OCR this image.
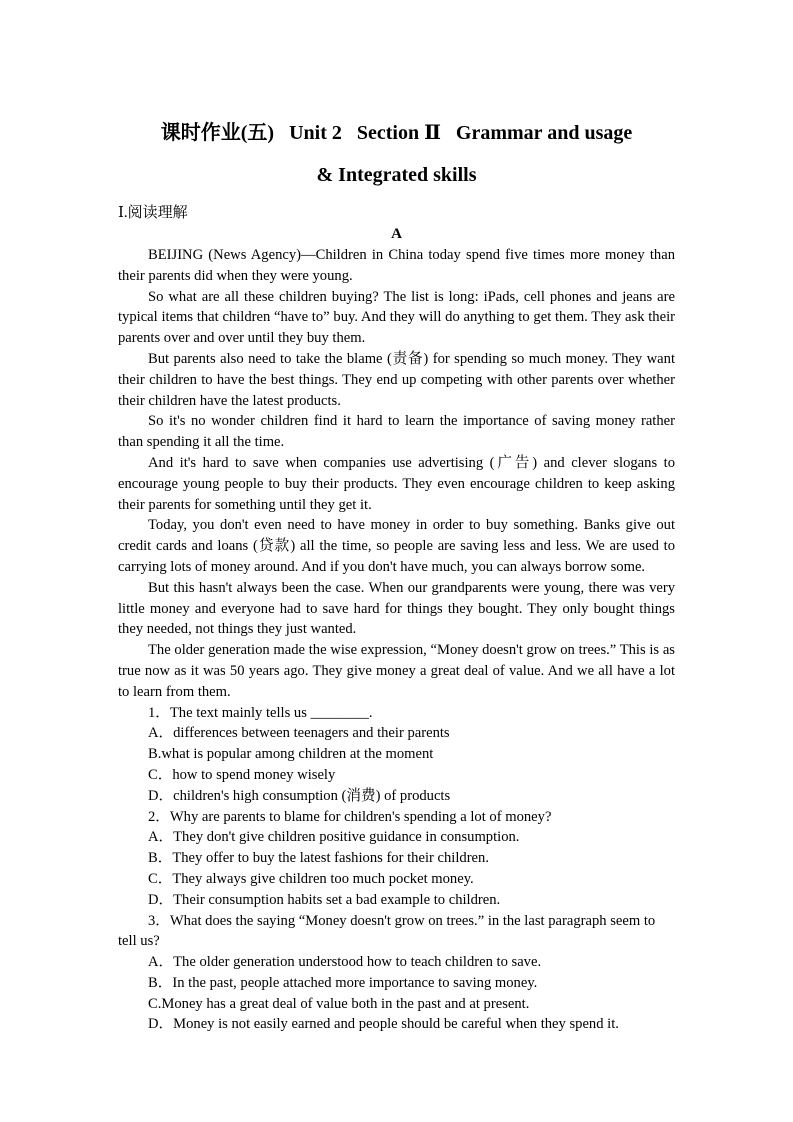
课时作业(五)   Unit 2   Section Ⅱ   Grammar and usage
& Integrated skills
Ⅰ.阅读理解
A

BEIJING (News Agency)—Children in China today spend five times more money than their parents did when they were young.

So what are all these children buying? The list is long: iPads, cell phones and jeans are typical items that children “have to” buy. And they will do anything to get them. They ask their parents over and over until they buy them.

But parents also need to take the blame (责备) for spending so much money. They want their children to have the best things. They end up competing with other parents over whether their children have the latest products.

So it's no wonder children find it hard to learn the importance of saving money rather than spending it all the time.

And it's hard to save when companies use advertising (广告) and clever slogans to encourage young people to buy their products. They even encourage children to keep asking their parents for something until they get it.

Today, you don't even need to have money in order to buy something. Banks give out credit cards and loans (贷款) all the time, so people are saving less and less. We are used to carrying lots of money around. And if you don't have much, you can always borrow some.

But this hasn't always been the case. When our grandparents were young, there was very little money and everyone had to save hard for things they bought. They only bought things they needed, not things they just wanted.

The older generation made the wise expression, “Money doesn't grow on trees.” This is as true now as it was 50 years ago. They give money a great deal of value. And we all have a lot to learn from them.

1．The text mainly tells us ________.
A．differences between teenagers and their parents
B.what is popular among children at the moment
C．how to spend money wisely
D．children's high consumption (消费) of products
2．Why are parents to blame for children's spending a lot of money?
A．They don't give children positive guidance in consumption.
B．They offer to buy the latest fashions for their children.
C．They always give children too much pocket money.
D．Their consumption habits set a bad example to children.
3．What does the saying “Money doesn't grow on trees.” in the last paragraph seem to tell us?
A．The older generation understood how to teach children to save.
B．In the past, people attached more importance to saving money.
C.Money has a great deal of value both in the past and at present.
D．Money is not easily earned and people should be careful when they spend it.
